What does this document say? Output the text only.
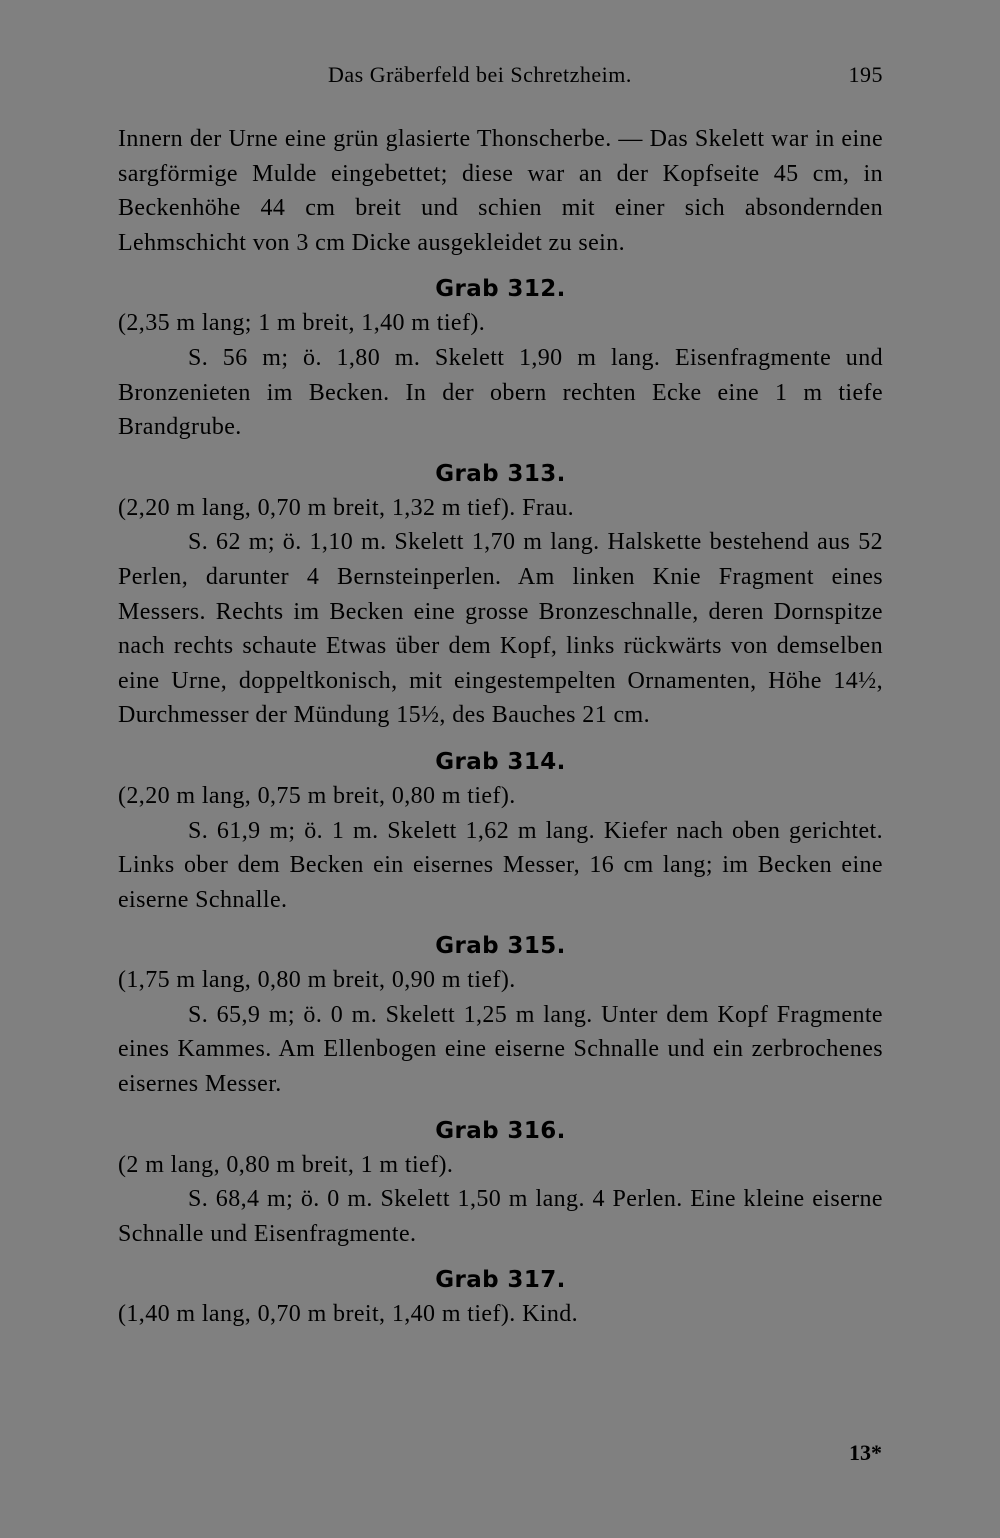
Das Gräberfeld bei Schretzheim.	195

Innern der Urne eine grün glasierte Thonscherbe. — Das Skelett war in eine sargförmige Mulde eingebettet; diese war an der Kopfseite 45 cm, in Beckenhöhe 44 cm breit und schien mit einer sich absondernden Lehmschicht von 3 cm Dicke ausgekleidet zu sein.

Grab 312.

(2,35 m lang; 1 m breit, 1,40 m tief).

S. 56 m; ö. 1,80 m. Skelett 1,90 m lang. Eisenfragmente und Bronzenieten im Becken. In der obern rechten Ecke eine 1 m tiefe Brandgrube.

Grab 313.

(2,20 m lang, 0,70 m breit, 1,32 m tief). Frau.

S. 62 m; ö. 1,10 m. Skelett 1,70 m lang. Halskette bestehend aus 52 Perlen, darunter 4 Bernsteinperlen. Am linken Knie Fragment eines Messers. Rechts im Becken eine grosse Bronzeschnalle, deren Dornspitze nach rechts schaute Etwas über dem Kopf, links rückwärts von demselben eine Urne, doppeltkonisch, mit eingestempelten Ornamenten, Höhe 14½, Durchmesser der Mündung 15½, des Bauches 21 cm.

Grab 314.

(2,20 m lang, 0,75 m breit, 0,80 m tief).

S. 61,9 m; ö. 1 m. Skelett 1,62 m lang. Kiefer nach oben gerichtet. Links ober dem Becken ein eisernes Messer, 16 cm lang; im Becken eine eiserne Schnalle.

Grab 315.

(1,75 m lang, 0,80 m breit, 0,90 m tief).

S. 65,9 m; ö. 0 m. Skelett 1,25 m lang. Unter dem Kopf Fragmente eines Kammes. Am Ellenbogen eine eiserne Schnalle und ein zerbrochenes eisernes Messer.

Grab 316.

(2 m lang, 0,80 m breit, 1 m tief).

S. 68,4 m; ö. 0 m. Skelett 1,50 m lang. 4 Perlen. Eine kleine eiserne Schnalle und Eisenfragmente.

Grab 317.

(1,40 m lang, 0,70 m breit, 1,40 m tief). Kind.

13*
